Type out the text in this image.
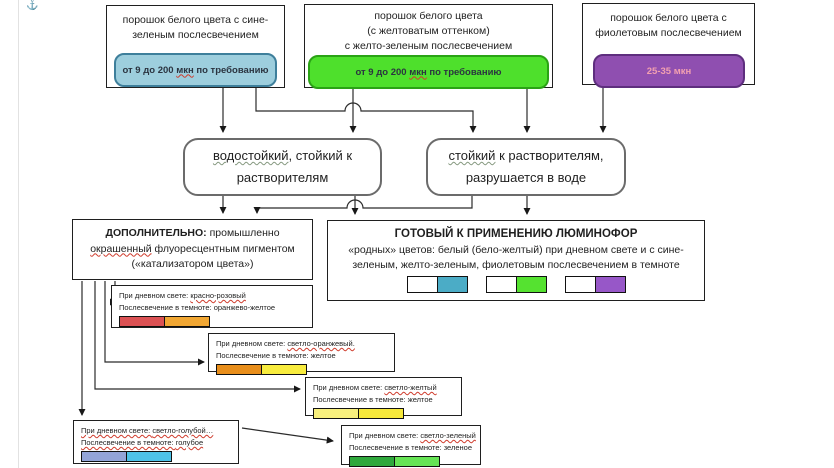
⚓
порошок белого цвета с сине-
зеленым послесвечением
от 9 до 200 мкн по требованию
порошок белого цвета
(с желтоватым оттенком)
с желто-зеленым послесвечением
от 9 до 200 мкн по требованию
порошок белого цвета с
фиолетовым послесвечением
25-35 мкн
водостойкий, стойкий к
растворителям
стойкий к растворителям,
разрушается в воде
ДОПОЛНИТЕЛЬНО: промышленно
окрашенный флуоресцентным пигментом
(«катализатором цвета»)
ГОТОВЫЙ К ПРИМЕНЕНИЮ ЛЮМИНОФОР
«родных» цветов: белый (бело-желтый) при дневном свете и с сине-
зеленым, желто-зеленым, фиолетовым послесвечением в темноте
При дневном свете: красно-розовый
Послесвечение в темноте: оранжево-желтое
При дневном свете: светло-оранжевый.
Послесвечение в темноте: желтое
При дневном свете: светло-желтый
Послесвечение в темноте: желтое
При дневном свете: светло-голубой…
Послесвечение в темноте: голубое
При дневном свете: светло-зеленый
Послесвечение в темноте: зеленое
